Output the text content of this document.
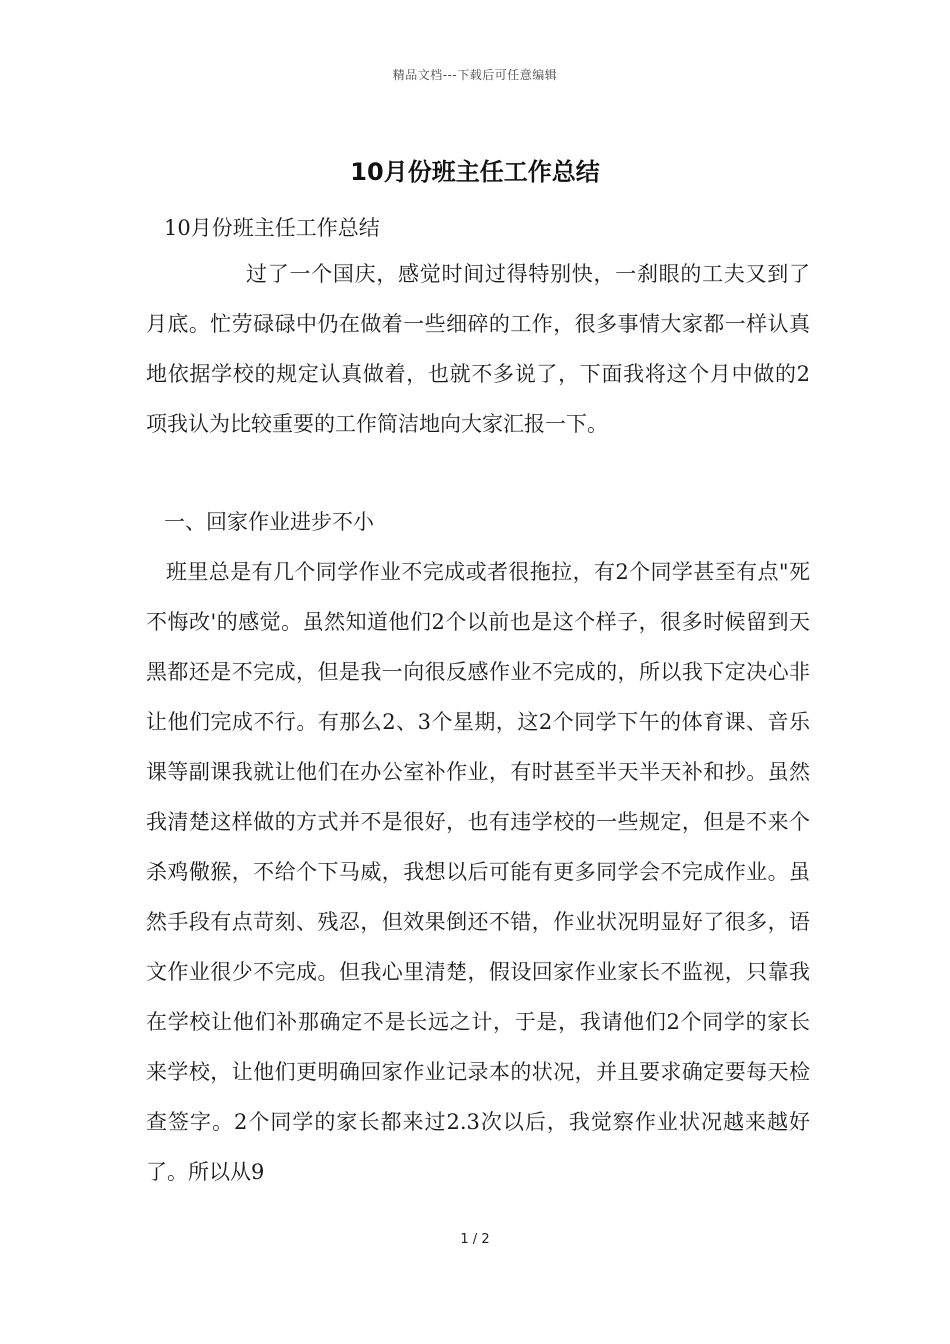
精品文档---下载后可任意编辑
10月份班主任工作总结
10月份班主任工作总结
过了一个国庆，感觉时间过得特别快，一刹眼的工夫又到了月底。忙劳碌碌中仍在做着一些细碎的工作，很多事情大家都一样认真地依据学校的规定认真做着，也就不多说了，下面我将这个月中做的2项我认为比较重要的工作简洁地向大家汇报一下。
一、回家作业进步不小
班里总是有几个同学作业不完成或者很拖拉，有2个同学甚至有点"死不悔改'的感觉。虽然知道他们2个以前也是这个样子，很多时候留到天黑都还是不完成，但是我一向很反感作业不完成的，所以我下定决心非让他们完成不行。有那么2、3个星期，这2个同学下午的体育课、音乐课等副课我就让他们在办公室补作业，有时甚至半天半天补和抄。虽然我清楚这样做的方式并不是很好，也有违学校的一些规定，但是不来个杀鸡儆猴，不给个下马威，我想以后可能有更多同学会不完成作业。虽然手段有点苛刻、残忍，但效果倒还不错，作业状况明显好了很多，语文作业很少不完成。但我心里清楚，假设回家作业家长不监视，只靠我在学校让他们补那确定不是长远之计，于是，我请他们2个同学的家长来学校，让他们更明确回家作业记录本的状况，并且要求确定要每天检查签字。2个同学的家长都来过2.3次以后，我觉察作业状况越来越好了。所以从9
1 / 2
